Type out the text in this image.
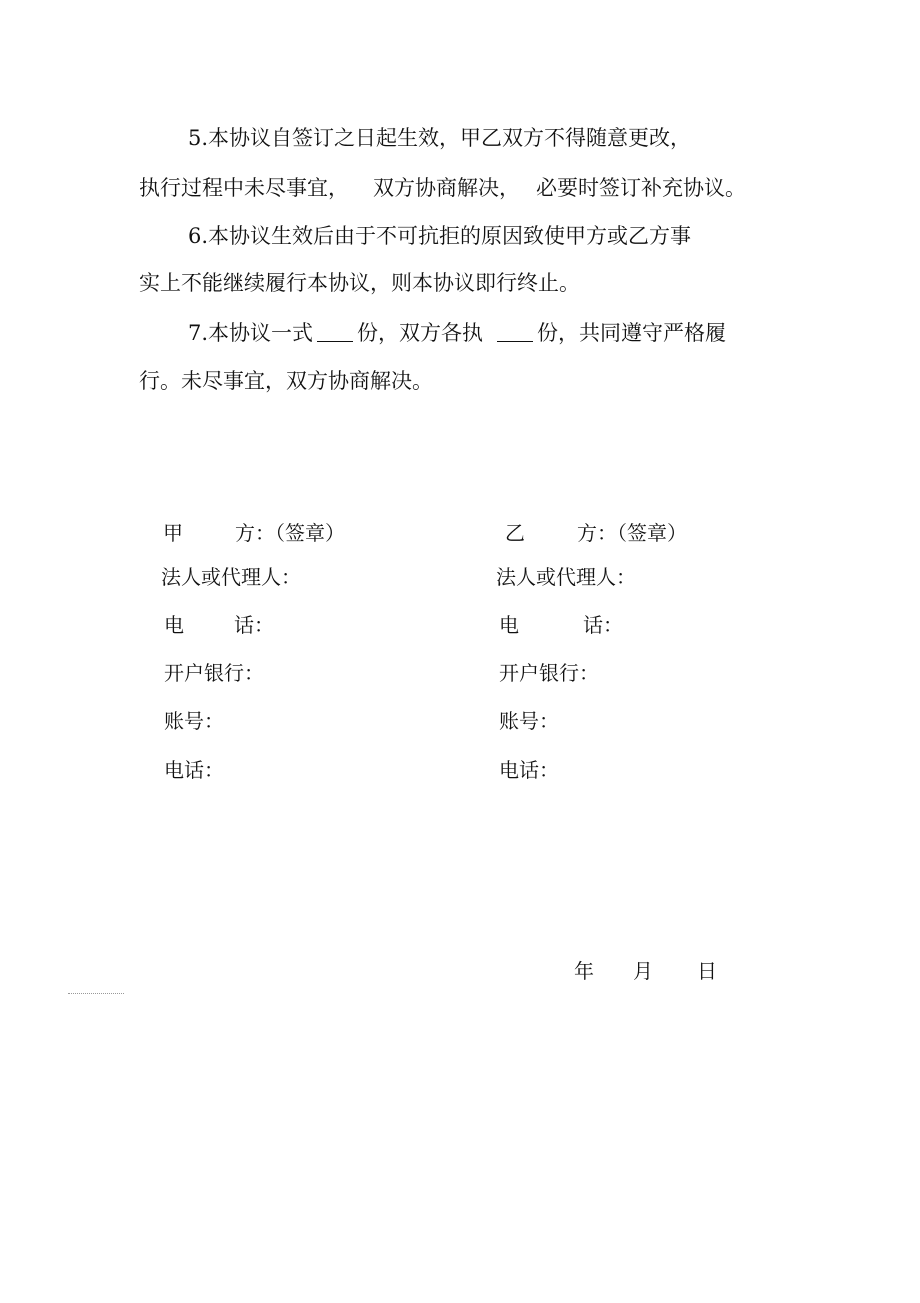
5.本协议自签订之日起生效，甲乙双方不得随意更改，
执行过程中未尽事宜， 双方协商解决， 必要时签订补充协议。
6.本协议生效后由于不可抗拒的原因致使甲方或乙方事
实上不能继续履行本协议，则本协议即行终止。
7.本协议一式 份，双方各执	份，共同遵守严格履
行。未尽事宜，双方协商解决。
甲	方：（签章）
法人或代理人：
电	话：
开户银行：
账号：
电话：
乙	方：（签章）
法人或代理人：
电	话：
开户银行：
账号：
电话：
年 月 日
